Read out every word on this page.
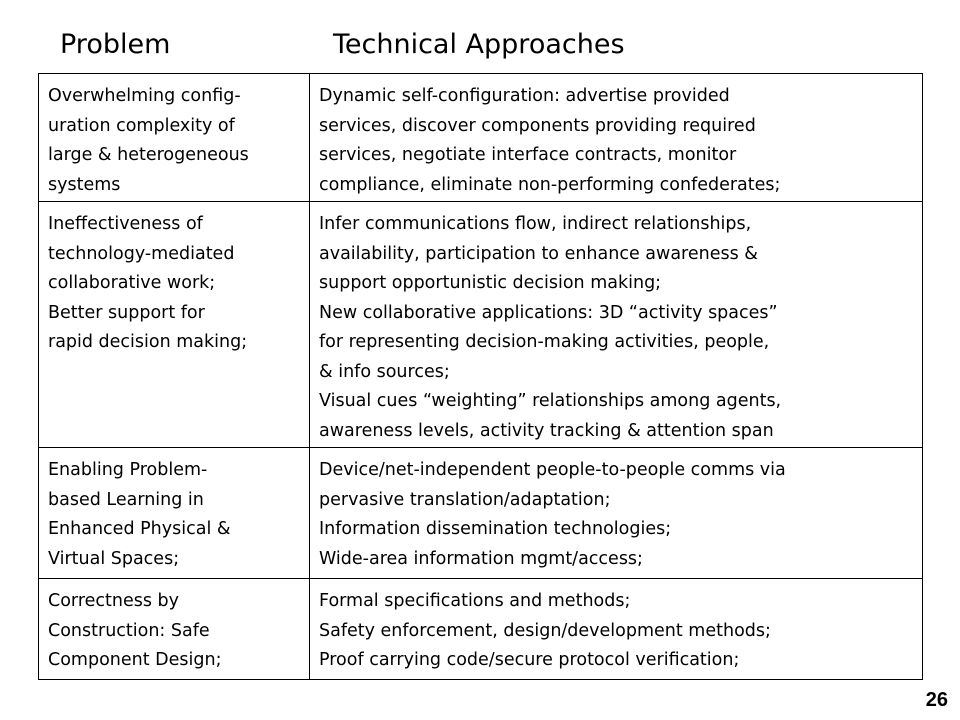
Problem	Technical Approaches
Overwhelming config-
uration complexity of
large & heterogeneous
systems
Dynamic self-configuration: advertise provided
services, discover components providing required
services, negotiate interface contracts, monitor
compliance, eliminate non-performing confederates;
Ineffectiveness of
technology-mediated
collaborative work;
Better support for
rapid decision making;
Infer communications flow, indirect relationships,
availability, participation to enhance awareness &
support opportunistic decision making;
New collaborative applications: 3D “activity spaces”
for representing decision-making activities, people,
& info sources;
Visual cues “weighting” relationships among agents,
awareness levels, activity tracking & attention span
Enabling Problem-
based Learning in
Enhanced Physical &
Virtual Spaces;
Device/net-independent people-to-people comms via
pervasive translation/adaptation;
Information dissemination technologies;
Wide-area information mgmt/access;
Correctness by
Construction: Safe
Component Design;
Formal specifications and methods;
Safety enforcement, design/development methods;
Proof carrying code/secure protocol verification;
26
